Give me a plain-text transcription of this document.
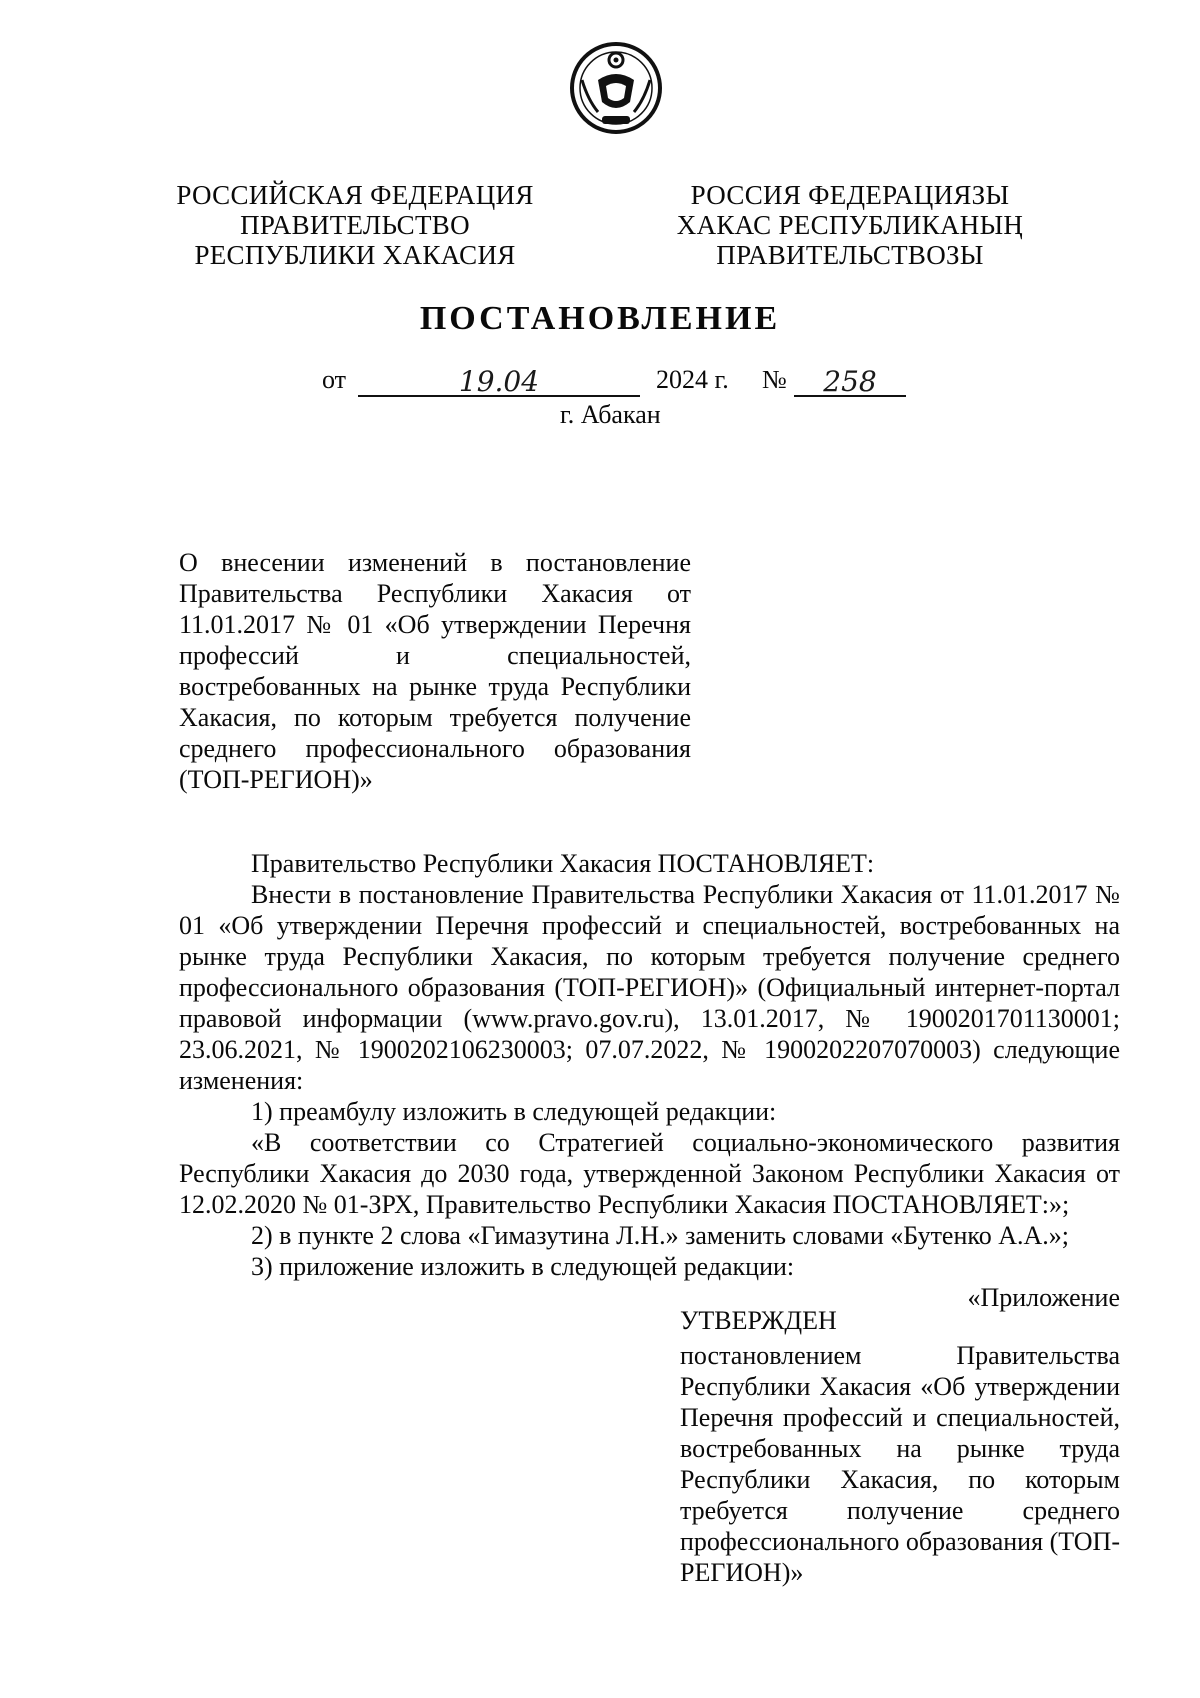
РОССИЙСКАЯ ФЕДЕРАЦИЯ
ПРАВИТЕЛЬСТВО
РЕСПУБЛИКИ ХАКАСИЯ
РОССИЯ ФЕДЕРАЦИЯЗЫ
ХАКАС РЕСПУБЛИКАНЫҢ
ПРАВИТЕЛЬСТВОЗЫ
ПОСТАНОВЛЕНИЕ
от	19.04	2024 г. №	258
г. Абакан

О внесении изменений в постановление Правительства Республики Хакасия от 11.01.2017 № 01 «Об утверждении Перечня профессий и специальностей, востребованных на рынке труда Республики Хакасия, по которым требуется получение среднего профессионального образования (ТОП-РЕГИОН)»

Правительство Республики Хакасия ПОСТАНОВЛЯЕТ:

Внести в постановление Правительства Республики Хакасия от 11.01.2017 № 01 «Об утверждении Перечня профессий и специальностей, востребованных на рынке труда Республики Хакасия, по которым требуется получение среднего профессионального образования (ТОП-РЕГИОН)» (Официальный интернет-портал правовой информации (www.pravo.gov.ru), 13.01.2017, № 1900201701130001; 23.06.2021, № 1900202106230003; 07.07.2022, № 1900202207070003) следующие изменения:

1) преамбулу изложить в следующей редакции:

«В соответствии со Стратегией социально-экономического развития Республики Хакасия до 2030 года, утвержденной Законом Республики Хакасия от 12.02.2020 № 01-ЗРХ, Правительство Республики Хакасия ПОСТАНОВЛЯЕТ:»;

2) в пункте 2 слова «Гимазутина Л.Н.» заменить словами «Бутенко А.А.»;

3) приложение изложить в следующей редакции:

«Приложение

УТВЕРЖДЕН

постановлением Правительства Республики Хакасия «Об утверждении Перечня профессий и специальностей, востребованных на рынке труда Республики Хакасия, по которым требуется получение среднего профессионального образования (ТОП-РЕГИОН)»
